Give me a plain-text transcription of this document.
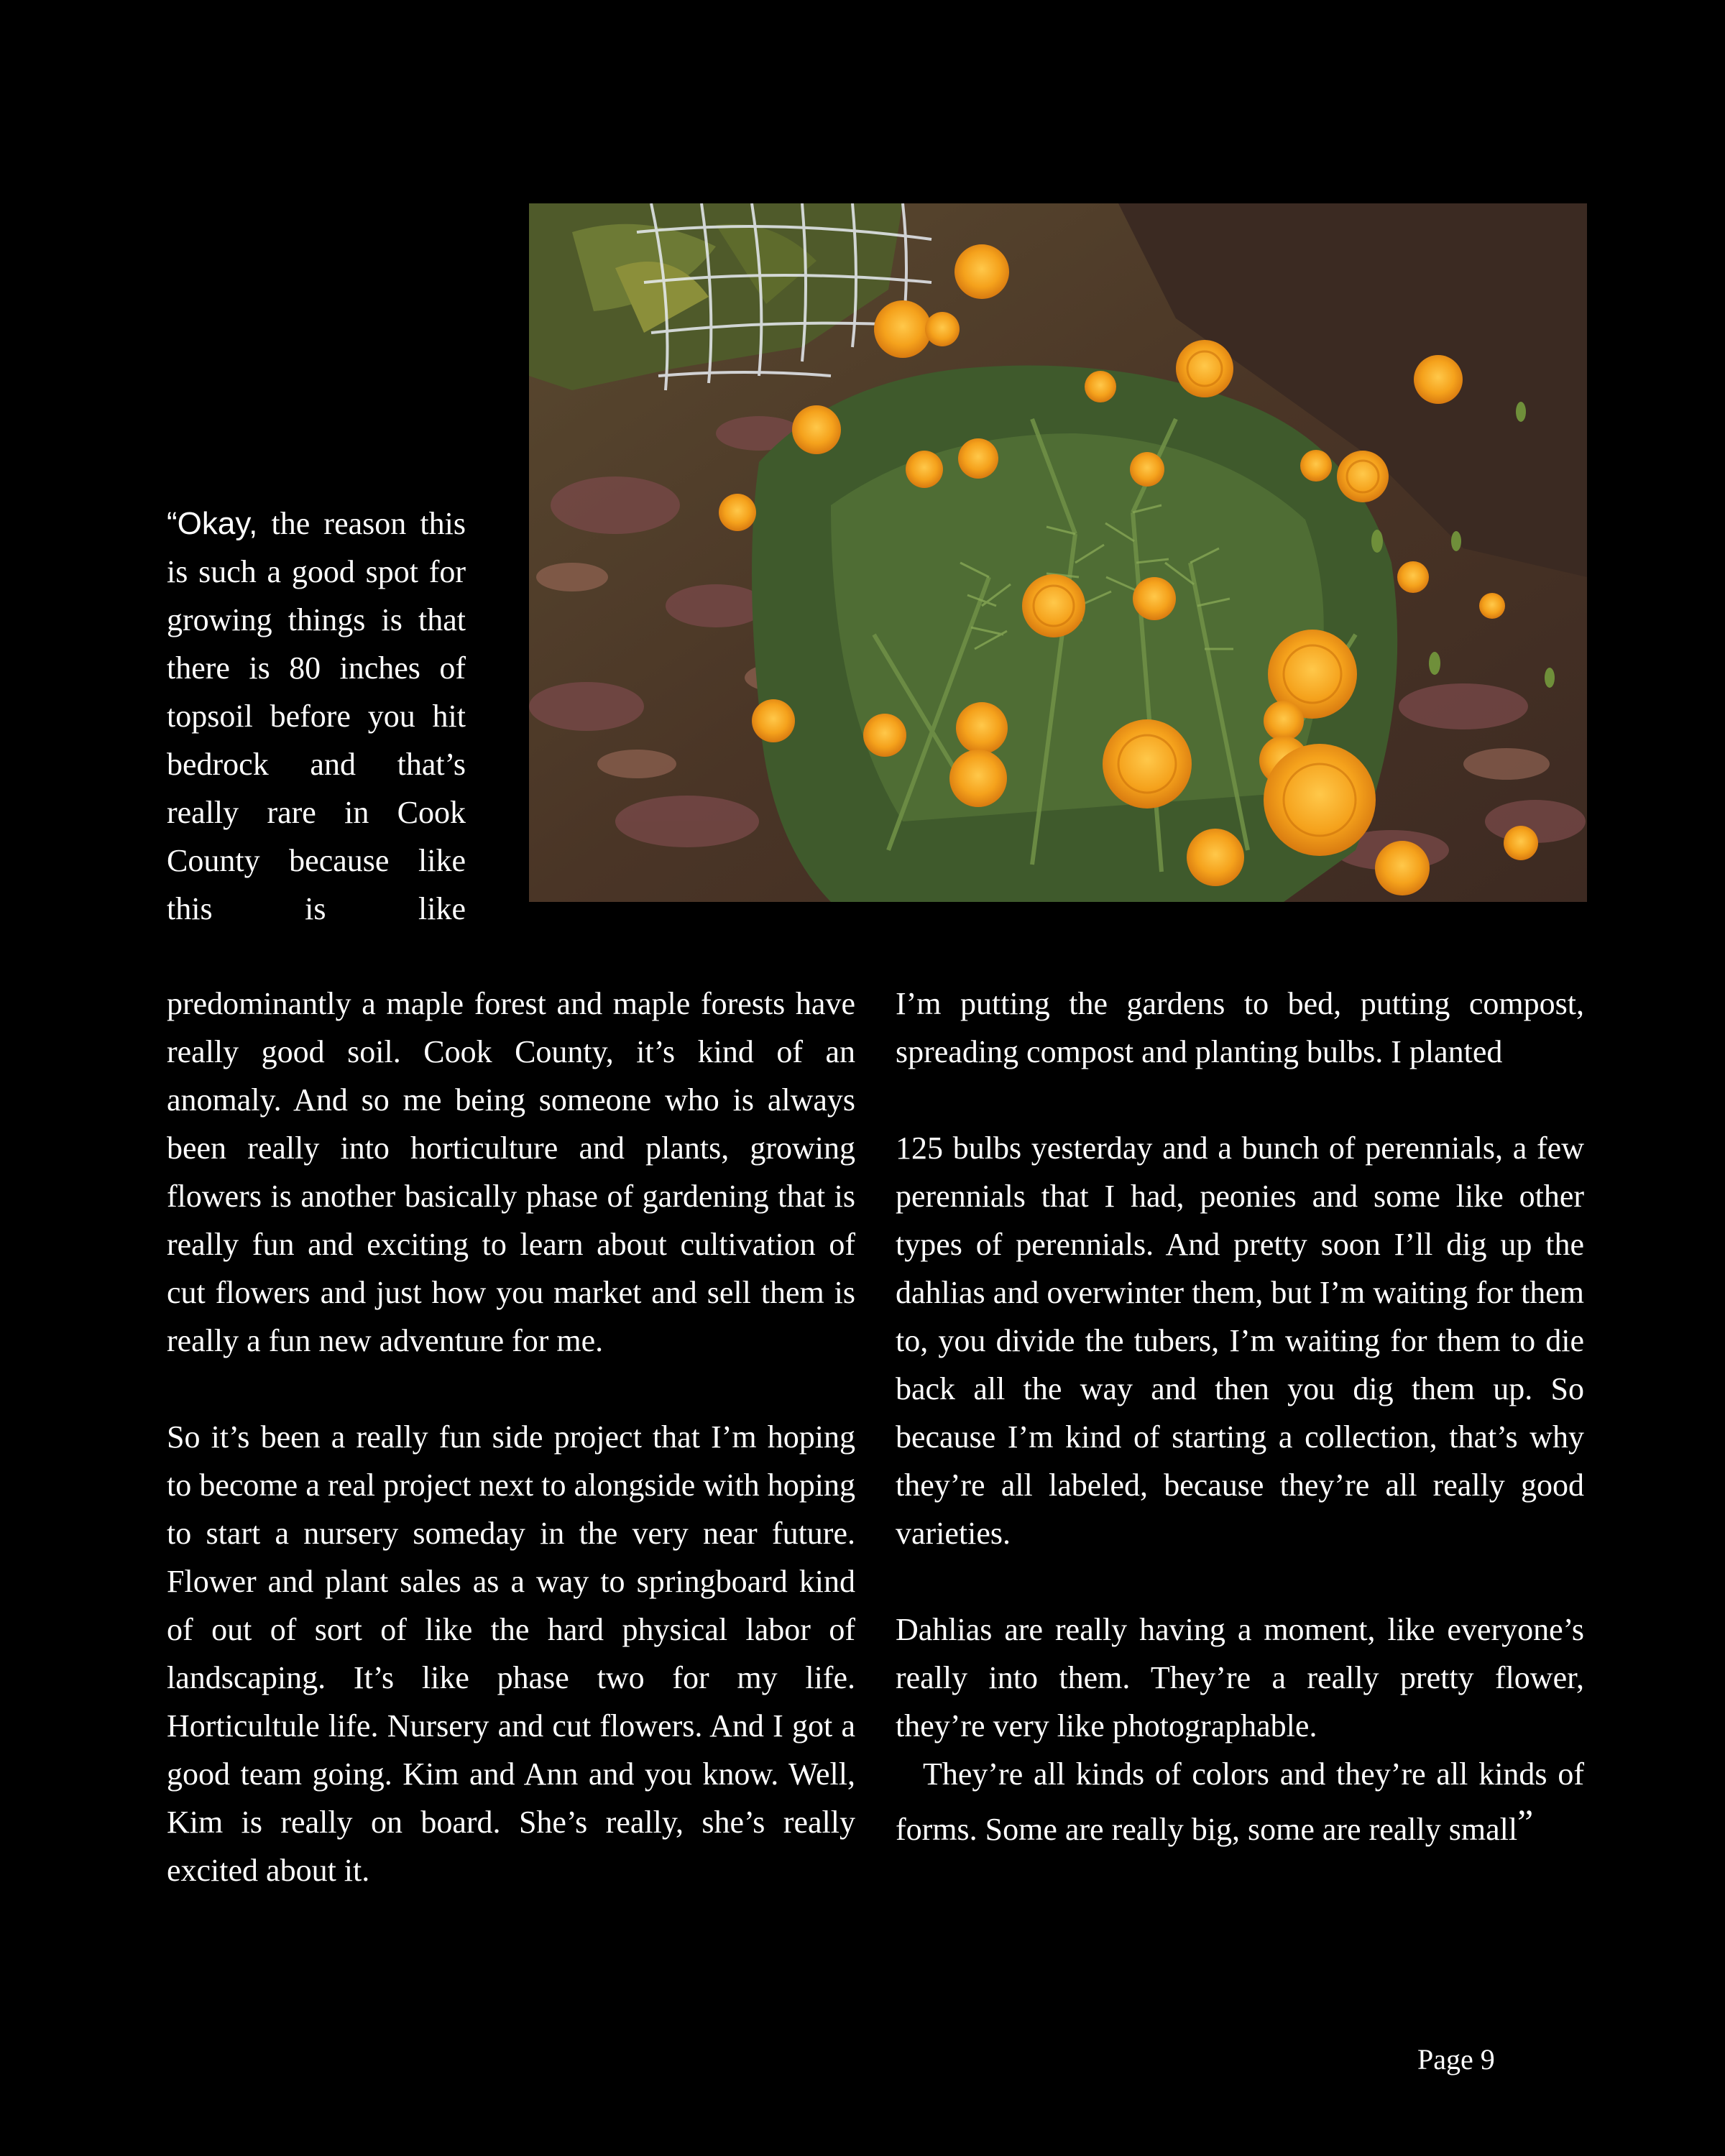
“Okay, the reason this is such a good spot for growing things is that there is 80 inches of topsoil before you hit bedrock and that’s really rare in Cook County because like this is like

predominantly a maple forest and maple forests have really good soil. Cook County, it’s kind of an anomaly. And so me being someone who is always been really into horticulture and plants, growing flowers is another basically phase of gardening that is really fun and exciting to learn about cultivation of cut flowers and just how you market and sell them is really a fun new adventure for me.

So it’s been a really fun side project that I’m hoping to become a real project next to alongside with hoping to start a nursery someday in the very near future. Flower and plant sales as a way to springboard kind of out of sort of like the hard physical labor of landscaping. It’s like phase two for my life. Horticultule life. Nursery and cut flowers. And I got a good team going. Kim and Ann and you know. Well, Kim is really on board. She’s really, she’s really excited about it.

I’m putting the gardens to bed, putting compost, spreading compost and planting bulbs. I planted

125 bulbs yesterday and a bunch of perennials, a few perennials that I had, peonies and some like other types of perennials. And pretty soon I’ll dig up the dahlias and overwinter them, but I’m waiting for them to, you divide the tubers, I’m waiting for them to die back all the way and then you dig them up. So because I’m kind of starting a collection, that’s why they’re all labeled, because they’re all really good varieties.

Dahlias are really having a moment, like everyone’s really into them. They’re a really pretty flower, they’re very like photographable.

They’re all kinds of colors and they’re all kinds of forms. Some are really big, some are really small”

Page 9
